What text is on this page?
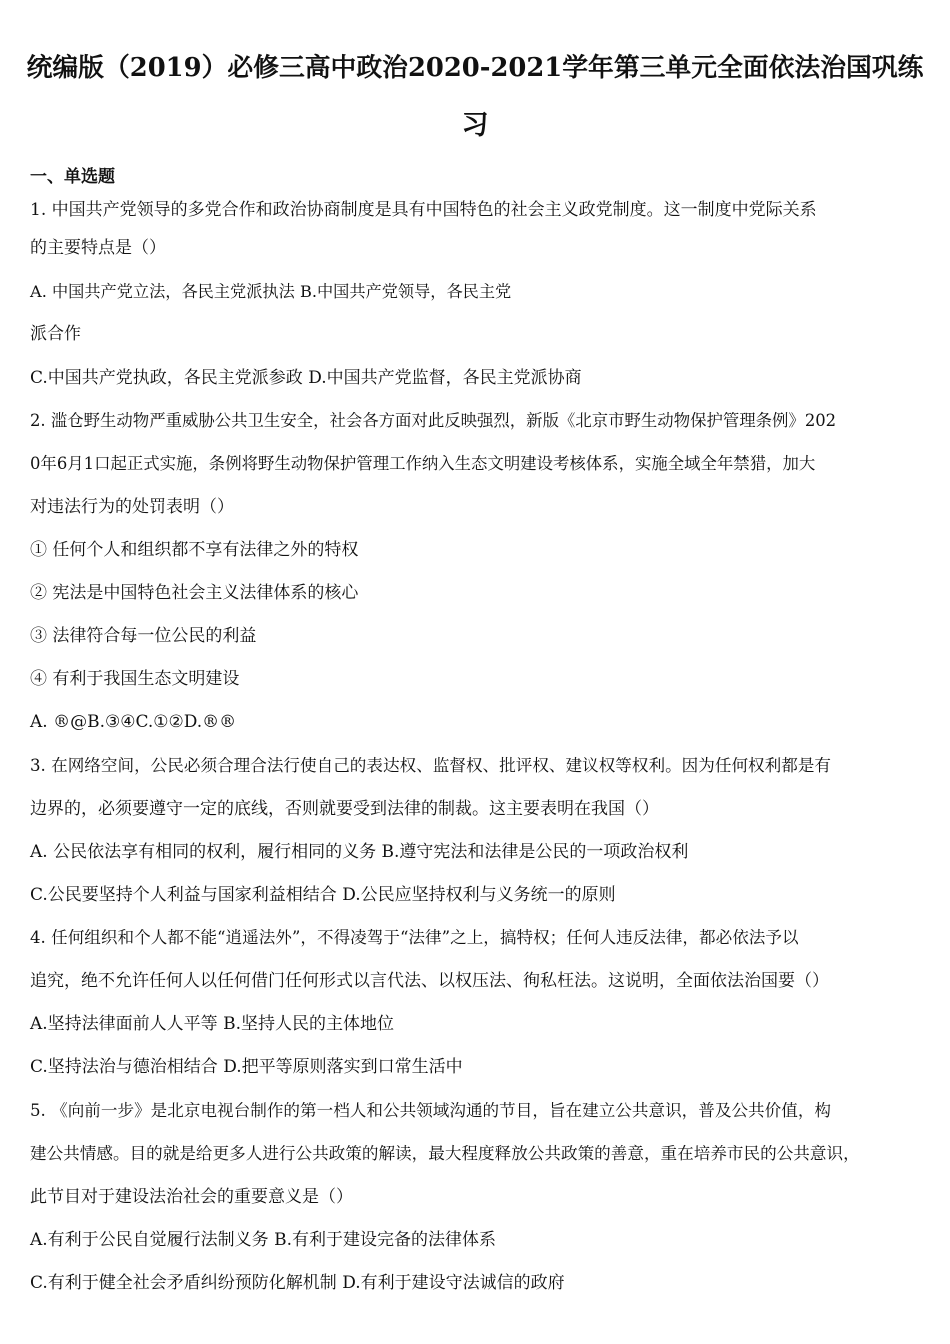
统编版（2019）必修三高中政治2020-2021学年第三单元全面依法治国巩练
习
一、单选题
1. 中国共产党领导的多党合作和政治协商制度是具有中国特色的社会主义政党制度。这一制度中党际关系
的主要特点是（）
A. 中国共产党立法，各民主党派执法 B.中国共产党领导，各民主党
派合作
C.中国共产党执政，各民主党派参政 D.中国共产党监督，各民主党派协商
2. 滥仓野生动物严重威胁公共卫生安全，社会各方面对此反映强烈，新版《北京市野生动物保护管理条例》202
0年6月1口起正式实施，条例将野生动物保护管理工作纳入生态文明建设考核体系，实施全域全年禁猎，加大
对违法行为的处罚表明（）
① 任何个人和组织都不享有法律之外的特权
② 宪法是中国特色社会主义法律体系的核心
③ 法律符合每一位公民的利益
④ 有利于我国生态文明建设
A. ®@B.③④C.①②D.®®
3. 在网络空间，公民必须合理合法行使自己的表达权、监督权、批评权、建议权等权利。因为任何权利都是有
边界的，必须要遵守一定的底线，否则就要受到法律的制裁。这主要表明在我国（）
A. 公民依法享有相同的权利，履行相同的义务 B.遵守宪法和法律是公民的一项政治权利
C.公民要坚持个人利益与国家利益相结合 D.公民应坚持权利与义务统一的原则
4. 任何组织和个人都不能“逍遥法外”，不得凌驾于“法律”之上，搞特权；任何人违反法律，都必依法予以
追究，绝不允许任何人以任何借门任何形式以言代法、以权压法、徇私枉法。这说明，全面依法治国要（）
A.坚持法律面前人人平等 B.坚持人民的主体地位
C.坚持法治与德治相结合 D.把平等原则落实到口常生活中
5. 《向前一步》是北京电视台制作的第一档人和公共领域沟通的节目，旨在建立公共意识，普及公共价值，构
建公共情感。目的就是给更多人进行公共政策的解读，最大程度释放公共政策的善意，重在培养市民的公共意识，
此节目对于建设法治社会的重要意义是（）
A.有利于公民自觉履行法制义务 B.有利于建设完备的法律体系
C.有利于健全社会矛盾纠纷预防化解机制 D.有利于建设守法诚信的政府
